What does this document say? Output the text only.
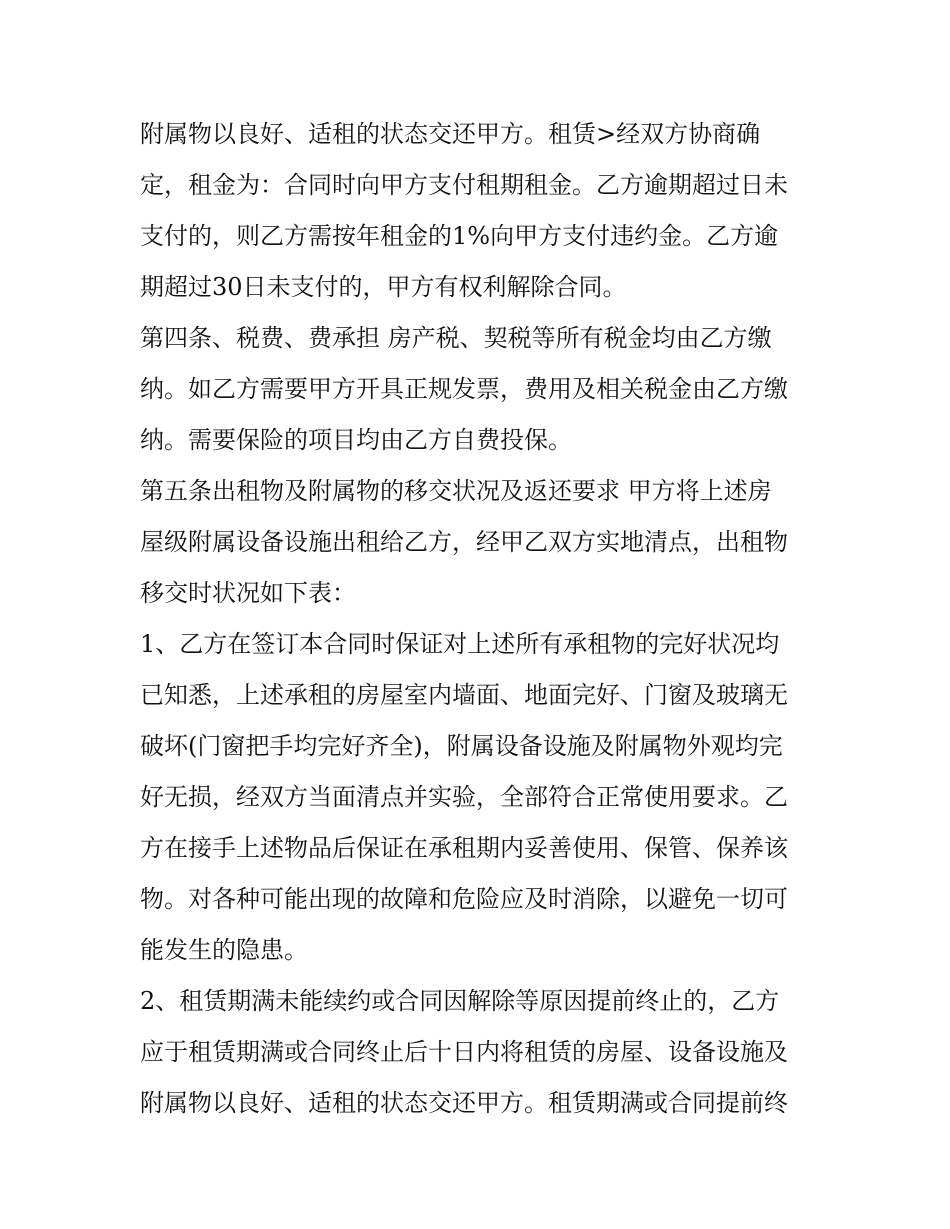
附属物以良好、适租的状态交还甲方。租赁>经双方协商确
定，租金为：合同时向甲方支付租期租金。乙方逾期超过日未
支付的，则乙方需按年租金的1%向甲方支付违约金。乙方逾
期超过30日未支付的，甲方有权利解除合同。
第四条、税费、费承担 房产税、契税等所有税金均由乙方缴
纳。如乙方需要甲方开具正规发票，费用及相关税金由乙方缴
纳。需要保险的项目均由乙方自费投保。
第五条出租物及附属物的移交状况及返还要求 甲方将上述房
屋级附属设备设施出租给乙方，经甲乙双方实地清点，出租物
移交时状况如下表：
1、乙方在签订本合同时保证对上述所有承租物的完好状况均
已知悉，上述承租的房屋室内墙面、地面完好、门窗及玻璃无
破坏(门窗把手均完好齐全)，附属设备设施及附属物外观均完
好无损，经双方当面清点并实验，全部符合正常使用要求。乙
方在接手上述物品后保证在承租期内妥善使用、保管、保养该
物。对各种可能出现的故障和危险应及时消除，以避免一切可
能发生的隐患。
2、租赁期满未能续约或合同因解除等原因提前终止的，乙方
应于租赁期满或合同终止后十日内将租赁的房屋、设备设施及
附属物以良好、适租的状态交还甲方。租赁期满或合同提前终
